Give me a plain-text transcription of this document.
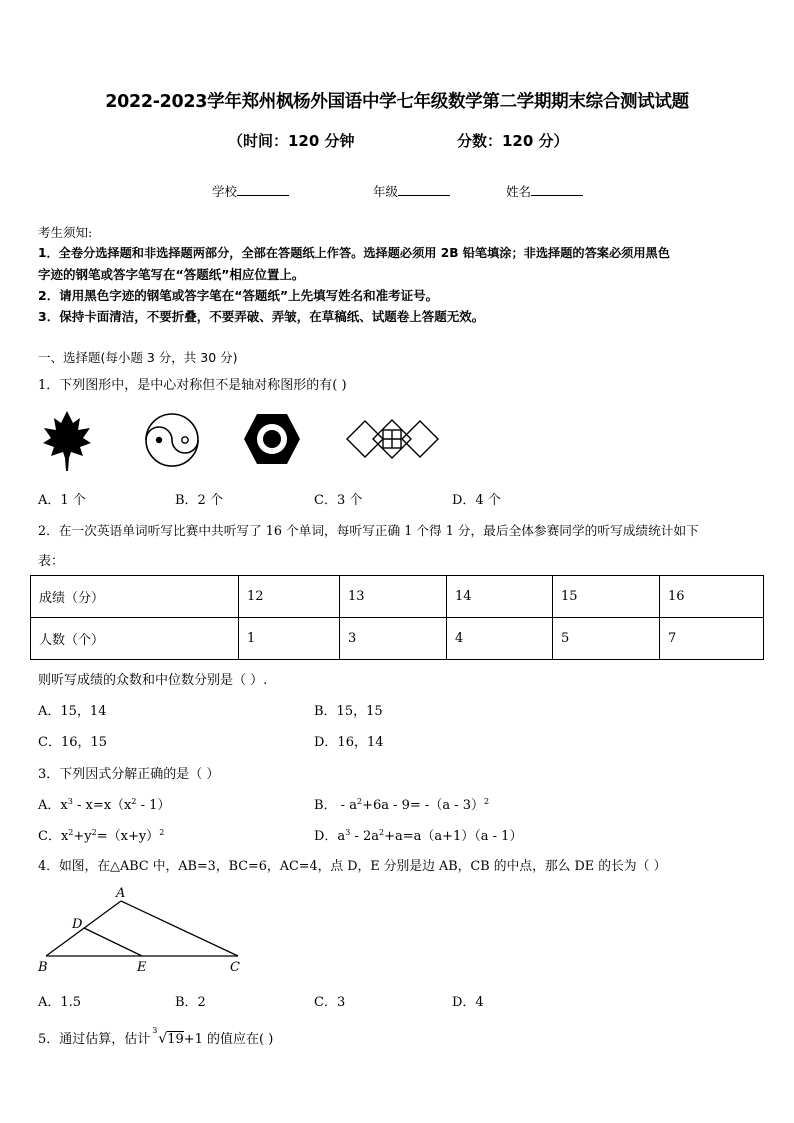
2022-2023学年郑州枫杨外国语中学七年级数学第二学期期末综合测试试题
（时间：120 分钟	分数：120 分）
学校	年级	姓名
考生须知:
1．全卷分选择题和非选择题两部分，全部在答题纸上作答。选择题必须用 2B 铅笔填涂；非选择题的答案必须用黑色
字迹的钢笔或答字笔写在“答题纸”相应位置上。
2．请用黑色字迹的钢笔或答字笔在“答题纸”上先填写姓名和准考证号。
3．保持卡面清洁，不要折叠，不要弄破、弄皱，在草稿纸、试题卷上答题无效。
一、选择题(每小题 3 分，共 30 分)
1．下列图形中，是中心对称但不是轴对称图形的有( )
A．1 个	B．2 个	C．3 个	D．4 个
2．在一次英语单词听写比赛中共听写了 16 个单词，每听写正确 1 个得 1 分，最后全体参赛同学的听写成绩统计如下
表：
成绩（分）	12	13	14	15	16
人数（个）	1	3	4	5	7
则听写成绩的众数和中位数分别是（ ）.
A．15，14	B．15，15
C．16，15	D．16，14
3．下列因式分解正确的是（ ）
A．$x^3 - x=x(x^2 - 1)$	B． - $a^2+6a - 9= -(a - 3)^2$
C．$x^2+y^2=(x+y)^2$	D．$a^3 - 2a^2+a=a(a+1)(a - 1)$
4．如图，在△ABC 中，AB=3，BC=6，AC=4，点 D，E 分别是边 AB，CB 的中点，那么 DE 的长为（ ）
A
B	C
D
E
A．1.5	B．2	C．3	D．4
5．通过估算，估计
3
√19+1 的值应在( )
